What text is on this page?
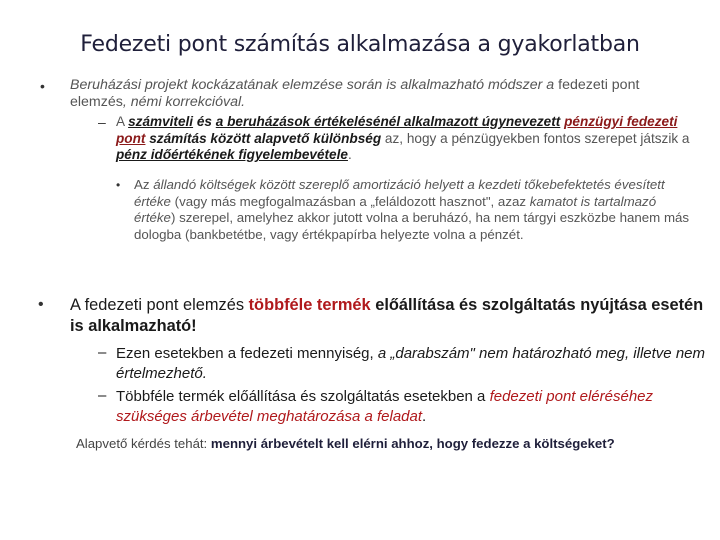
Fedezeti pont számítás alkalmazása a gyakorlatban
• Beruházási projekt kockázatának elemzése során is alkalmazható módszer a fedezeti pont elemzés, némi korrekcióval.
– A számviteli és a beruházások értékelésénél alkalmazott úgynevezett pénzügyi fedezeti pont számítás között alapvető különbség az, hogy a pénzügyekben fontos szerepet játszik a pénz időértékének figyelembevétele.
• Az állandó költségek között szereplő amortizáció helyett a kezdeti tőkebefektetés évesített értéke (vagy más megfogalmazásban a „feláldozott hasznot", azaz kamatot is tartalmazó értéke) szerepel, amelyhez akkor jutott volna a beruházó, ha nem tárgyi eszközbe hanem más dologba (bankbetétbe, vagy értékpapírba helyezte volna a pénzét.
• A fedezeti pont elemzés többféle termék előállítása és szolgáltatás nyújtása esetén is alkalmazható!
– Ezen esetekben a fedezeti mennyiség, a „darabszám" nem határozható meg, illetve nem értelmezhető.
– Többféle termék előállítása és szolgáltatás esetekben a fedezeti pont eléréséhez szükséges árbevétel meghatározása a feladat.
Alapvető kérdés tehát: mennyi árbevételt kell elérni ahhoz, hogy fedezze a költségeket?
